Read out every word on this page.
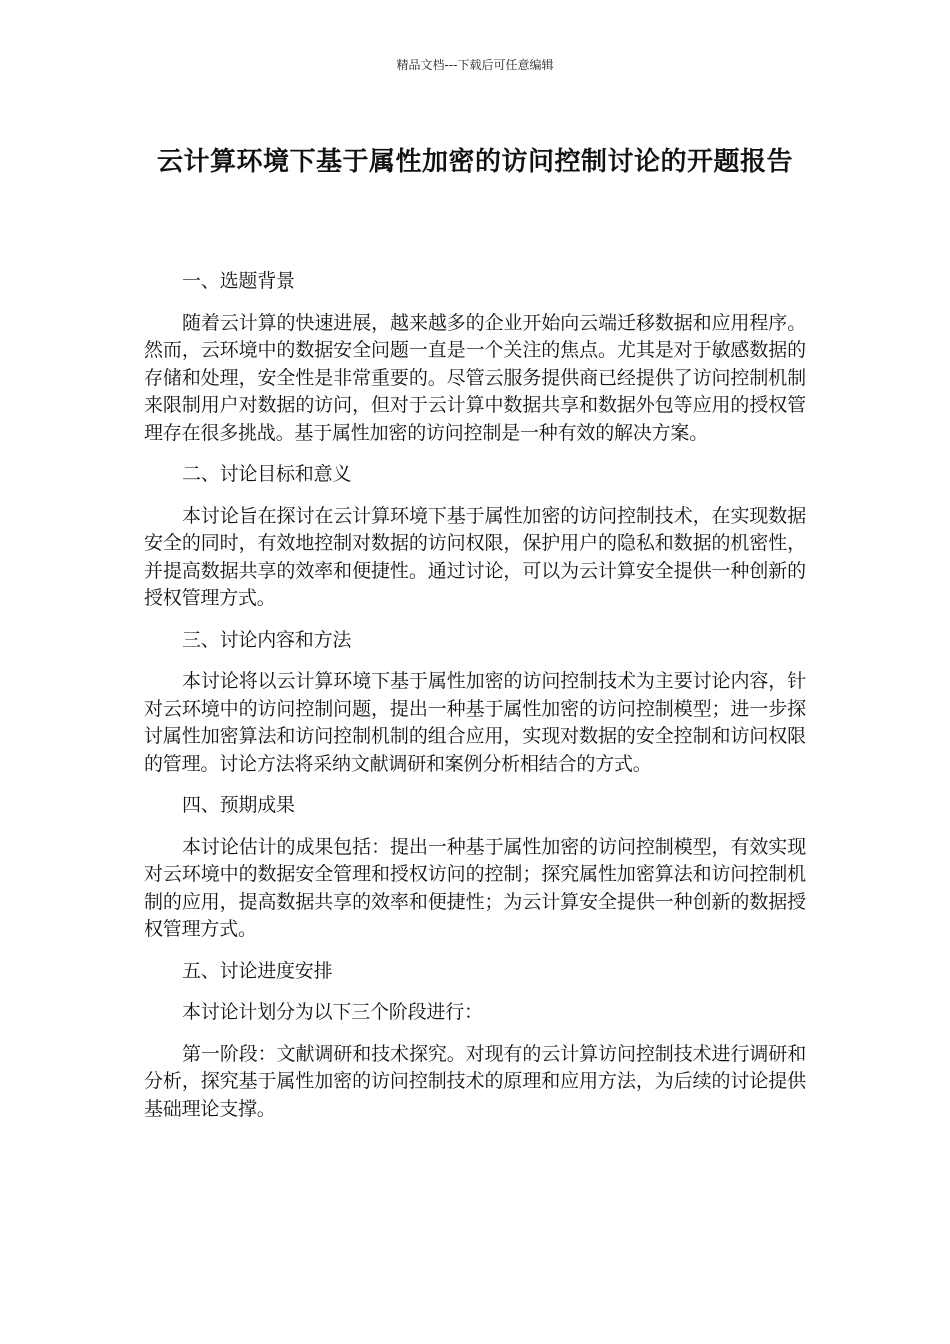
精品文档---下载后可任意编辑
云计算环境下基于属性加密的访问控制讨论的开题报告

一、选题背景

随着云计算的快速进展，越来越多的企业开始向云端迁移数据和应用程序。然而，云环境中的数据安全问题一直是一个关注的焦点。尤其是对于敏感数据的存储和处理，安全性是非常重要的。尽管云服务提供商已经提供了访问控制机制来限制用户对数据的访问，但对于云计算中数据共享和数据外包等应用的授权管理存在很多挑战。基于属性加密的访问控制是一种有效的解决方案。

二、讨论目标和意义

本讨论旨在探讨在云计算环境下基于属性加密的访问控制技术，在实现数据安全的同时，有效地控制对数据的访问权限，保护用户的隐私和数据的机密性，并提高数据共享的效率和便捷性。通过讨论，可以为云计算安全提供一种创新的授权管理方式。

三、讨论内容和方法

本讨论将以云计算环境下基于属性加密的访问控制技术为主要讨论内容，针对云环境中的访问控制问题，提出一种基于属性加密的访问控制模型；进一步探讨属性加密算法和访问控制机制的组合应用，实现对数据的安全控制和访问权限的管理。讨论方法将采纳文献调研和案例分析相结合的方式。

四、预期成果

本讨论估计的成果包括：提出一种基于属性加密的访问控制模型，有效实现对云环境中的数据安全管理和授权访问的控制；探究属性加密算法和访问控制机制的应用，提高数据共享的效率和便捷性；为云计算安全提供一种创新的数据授权管理方式。

五、讨论进度安排

本讨论计划分为以下三个阶段进行：

第一阶段：文献调研和技术探究。对现有的云计算访问控制技术进行调研和分析，探究基于属性加密的访问控制技术的原理和应用方法，为后续的讨论提供基础理论支撑。
